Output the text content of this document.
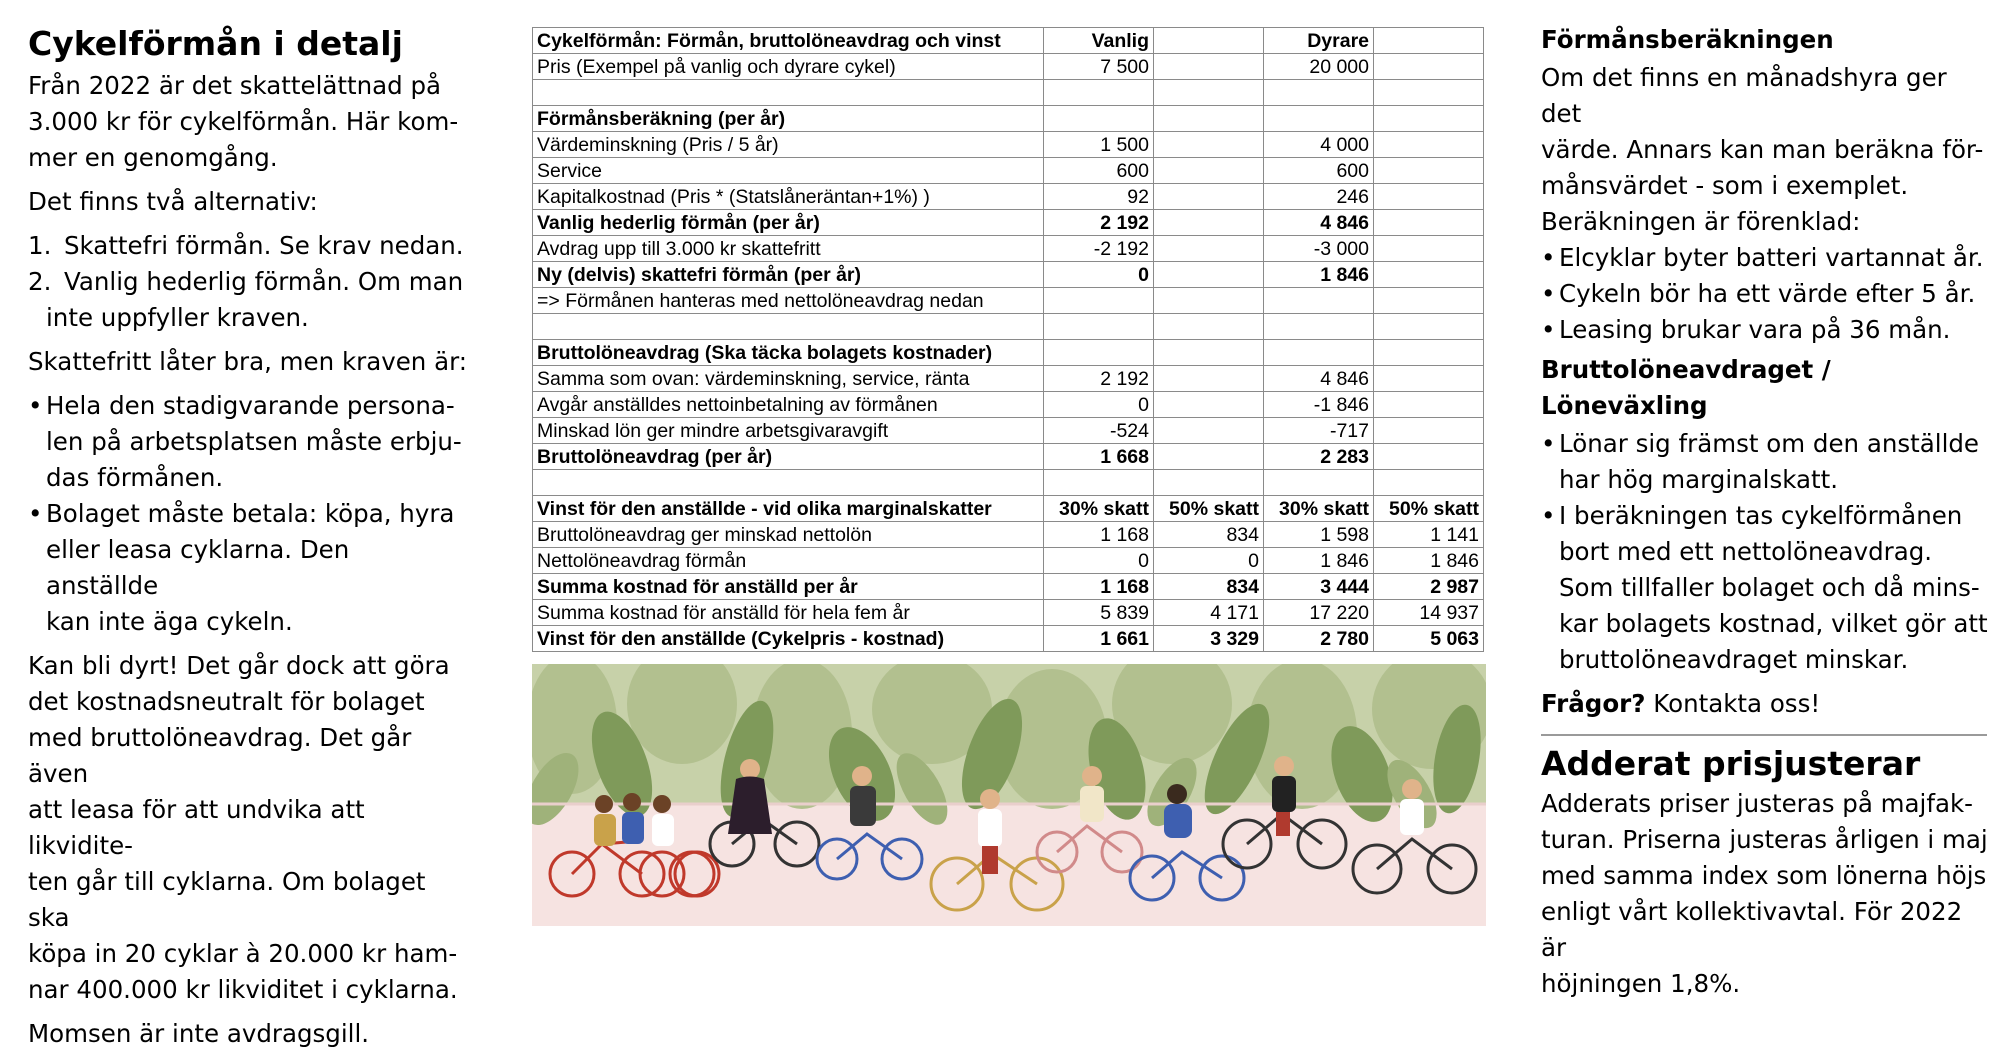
Cykelförmån i detalj

Från 2022 är det skattelättnad på
3.000 kr för cykelförmån. Här kom-
mer en genomgång.

Det finns två alternativ:

1. Skattefri förmån. Se krav nedan.
2. Vanlig hederlig förmån. Om man
inte uppfyller kraven.

Skattefritt låter bra, men kraven är:

• Hela den stadigvarande persona-
len på arbetsplatsen måste erbju-
das förmånen.
• Bolaget måste betala: köpa, hyra
eller leasa cyklarna. Den anställde
kan inte äga cykeln.

Kan bli dyrt! Det går dock att göra
det kostnadsneutralt för bolaget
med bruttolöneavdrag. Det går även
att leasa för att undvika att likvidite-
ten går till cyklarna. Om bolaget ska
köpa in 20 cyklar à 20.000 kr ham-
nar 400.000 kr likviditet i cyklarna.

Momsen är inte avdragsgill.

Cykelförmån: Förmån, bruttolöneavdrag och vinst	Vanlig		Dyrare	
Pris (Exempel på vanlig och dyrare cykel)	7 500		20 000	

Förmånsberäkning (per år)				
Värdeminskning (Pris / 5 år)	1 500		4 000	
Service	600		600	
Kapitalkostnad (Pris * (Statslåneräntan+1%) )	92		246	
Vanlig hederlig förmån (per år)	2 192		4 846	
Avdrag upp till 3.000 kr skattefritt	-2 192		-3 000	
Ny (delvis) skattefri förmån (per år)	0		1 846	
=> Förmånen hanteras med nettolöneavdrag nedan				

Bruttolöneavdrag (Ska täcka bolagets kostnader)				
Samma som ovan: värdeminskning, service, ränta	2 192		4 846	
Avgår anställdes nettoinbetalning av förmånen	0		-1 846	
Minskad lön ger mindre arbetsgivaravgift	-524		-717	
Bruttolöneavdrag (per år)	1 668		2 283	

Vinst för den anställde - vid olika marginalskatter	30% skatt	50% skatt	30% skatt	50% skatt
Bruttolöneavdrag ger minskad nettolön	1 168	834	1 598	1 141
Nettolöneavdrag förmån	0	0	1 846	1 846
Summa kostnad för anställd per år	1 168	834	3 444	2 987
Summa kostnad för anställd för hela fem år	5 839	4 171	17 220	14 937
Vinst för den anställde (Cykelpris - kostnad)	1 661	3 329	2 780	5 063
Förmånsberäkningen

Om det finns en månadshyra ger det
värde. Annars kan man beräkna för-
månsvärdet - som i exemplet.

Beräkningen är förenklad:

• Elcyklar byter batteri vartannat år.
• Cykeln bör ha ett värde efter 5 år.
• Leasing brukar vara på 36 mån.
Bruttolöneavdraget / Löneväxling
• Lönar sig främst om den anställde
har hög marginalskatt.
• I beräkningen tas cykelförmånen
bort med ett nettolöneavdrag.
Som tillfaller bolaget och då mins-
kar bolagets kostnad, vilket gör att
bruttolöneavdraget minskar.

Frågor? Kontakta oss!

Adderat prisjusterar

Adderats priser justeras på majfak-
turan. Priserna justeras årligen i maj
med samma index som lönerna höjs
enligt vårt kollektivavtal. För 2022 är
höjningen 1,8%.
